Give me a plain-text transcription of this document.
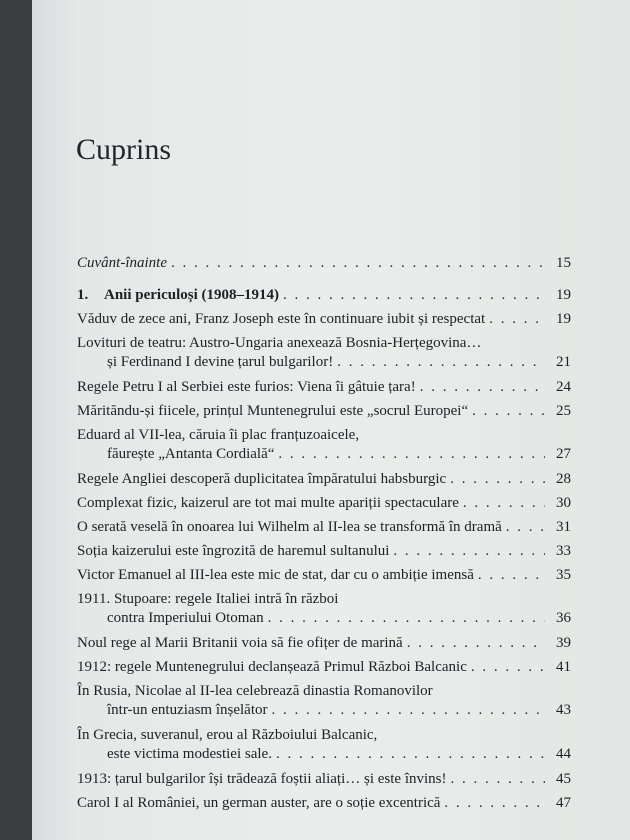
Cuprins
Cuvânt-înainte . . .	15
1. Anii periculoși (1908–1914) . . .	19
Văduv de zece ani, Franz Joseph este în continuare iubit și respectat . . .	19
Lovituri de teatru: Austro-Ungaria anexează Bosnia-Herțegovina…
și Ferdinand I devine țarul bulgarilor! . . .	21
Regele Petru I al Serbiei este furios: Viena îi gâtuie țara! . . .	24
Mărităndu-și fiicele, prințul Muntenegrului este „socrul Europei“ . . .	25
Eduard al VII-lea, căruia îi plac franțuzoaicele,
făurește „Antanta Cordială“ . . .	27
Regele Angliei descoperă duplicitatea împăratului habsburgic . . .	28
Complexat fizic, kaizerul are tot mai multe apariții spectaculare . . .	30
O serată veselă în onoarea lui Wilhelm al II-lea se transformă în dramă . . .	31
Soția kaizerului este îngrozită de haremul sultanului . . .	33
Victor Emanuel al III-lea este mic de stat, dar cu o ambiție imensă . . .	35
1911. Stupoare: regele Italiei intră în război
contra Imperiului Otoman . . .	36
Noul rege al Marii Britanii voia să fie ofițer de marină . . .	39
1912: regele Muntenegrului declanșează Primul Război Balcanic . . .	41
În Rusia, Nicolae al II-lea celebrează dinastia Romanovilor
într-un entuziasm înșelător . . .	43
În Grecia, suveranul, erou al Războiului Balcanic,
este victima modestiei sale. . . .	44
1913: țarul bulgarilor își trădează foștii aliați… și este învins! . . .	45
Carol I al României, un german auster, are o soție excentrică . . .	47
